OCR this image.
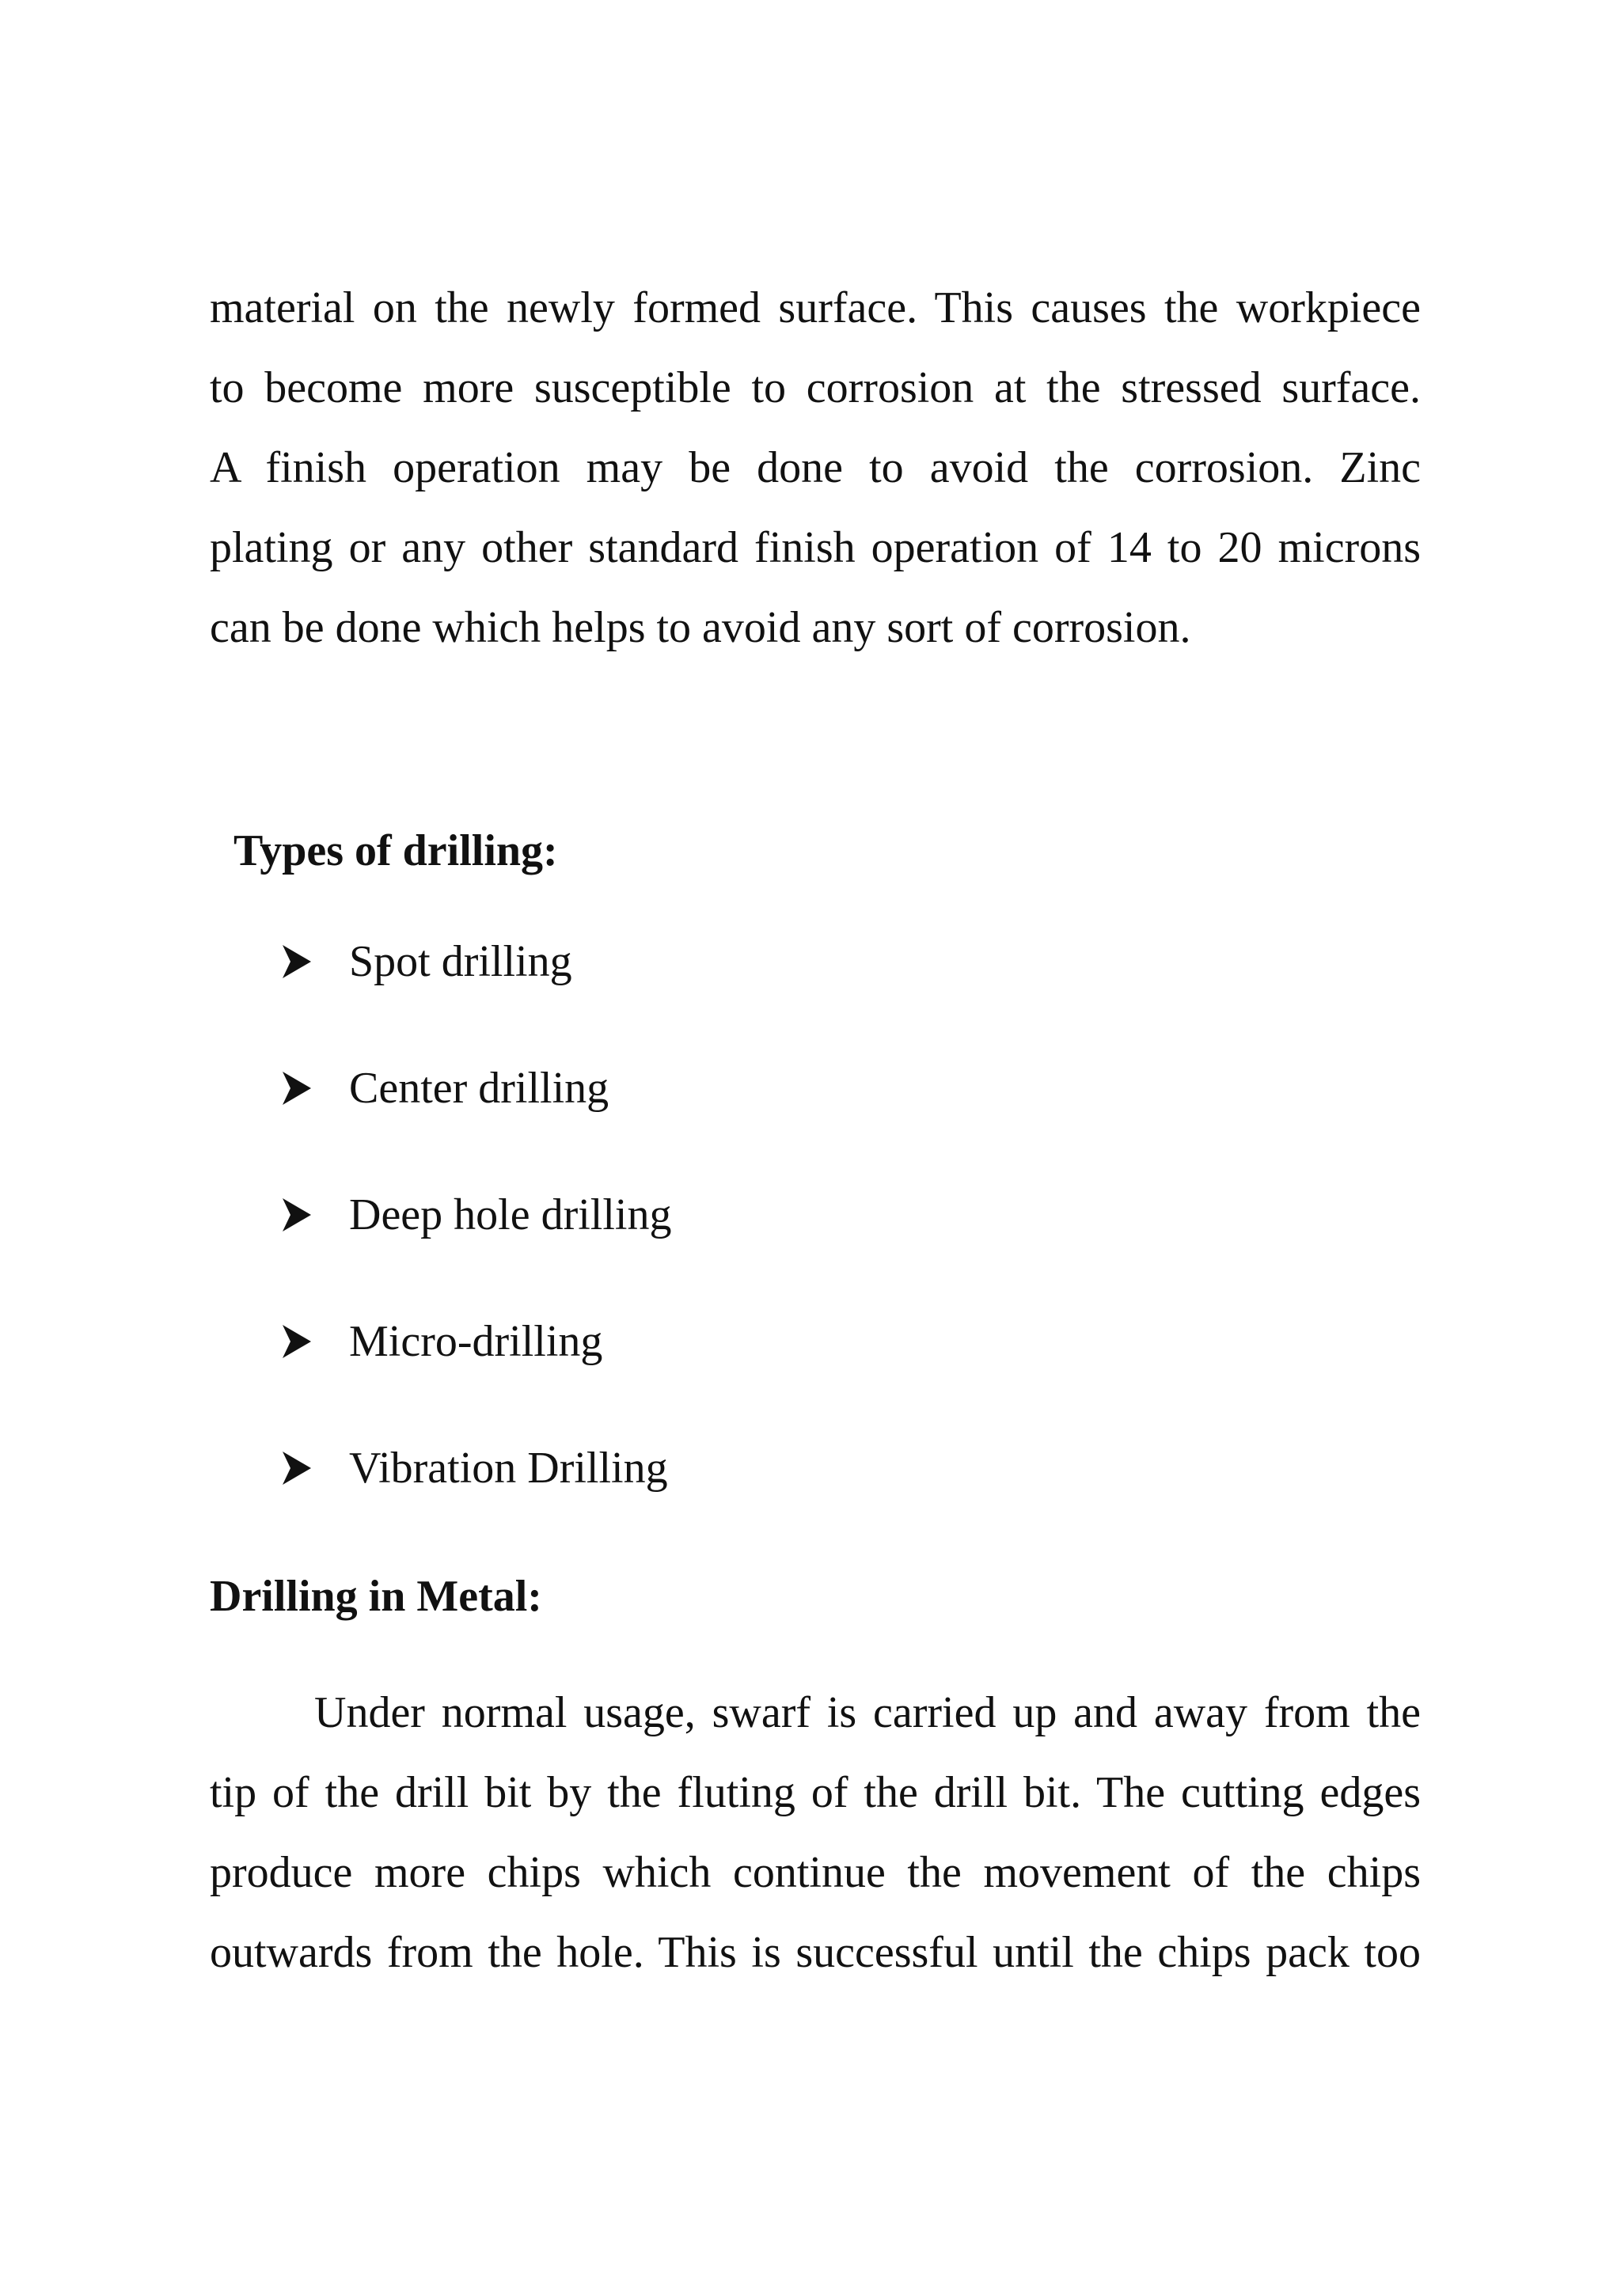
material on the newly formed surface. This causes the workpiece
to become more susceptible to corrosion at the stressed surface.
A finish operation may be done to avoid the corrosion. Zinc
plating or any other standard finish operation of 14 to 20 microns
can be done which helps to avoid any sort of corrosion.
Types of drilling:
Spot drilling
Center drilling
Deep hole drilling
Micro-drilling
Vibration Drilling
Drilling in Metal:
Under normal usage, swarf is carried up and away from the
tip of the drill bit by the fluting of the drill bit. The cutting edges
produce more chips which continue the movement of the chips
outwards from the hole. This is successful until the chips pack too
